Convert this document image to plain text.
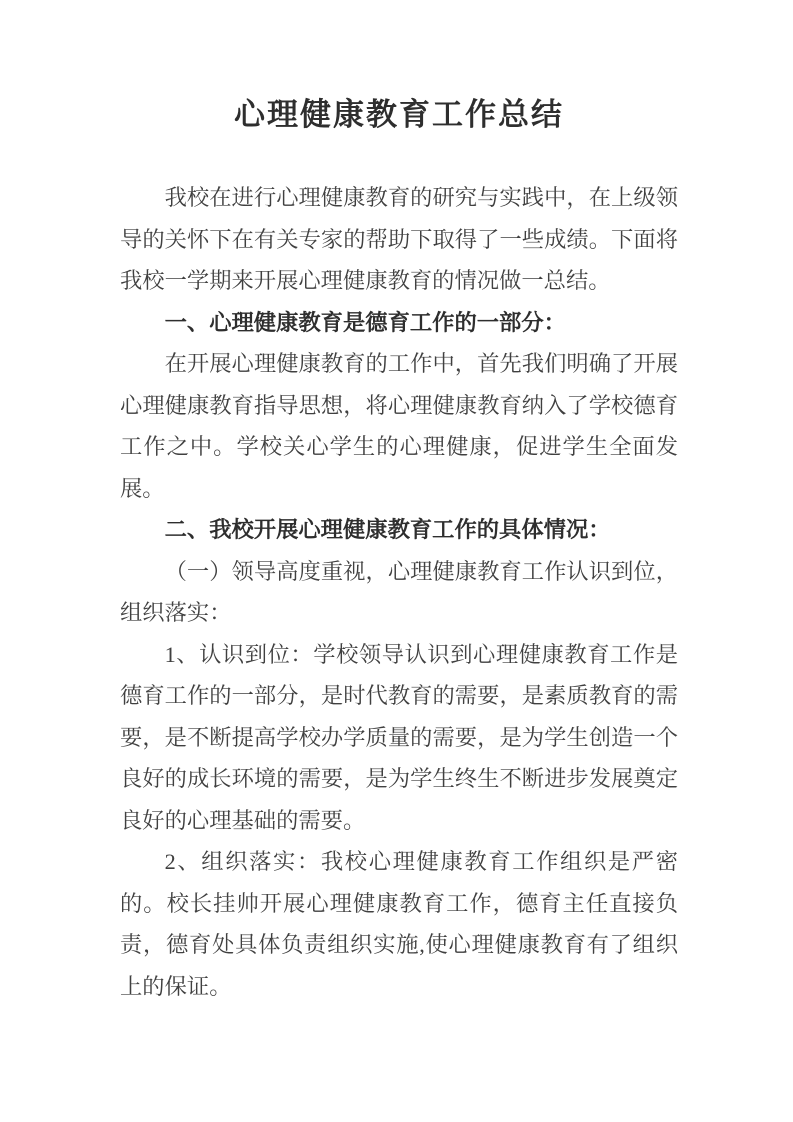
心理健康教育工作总结

我校在进行心理健康教育的研究与实践中，在上级领导的关怀下在有关专家的帮助下取得了一些成绩。下面将我校一学期来开展心理健康教育的情况做一总结。

一、心理健康教育是德育工作的一部分：

在开展心理健康教育的工作中，首先我们明确了开展心理健康教育指导思想，将心理健康教育纳入了学校德育工作之中。学校关心学生的心理健康，促进学生全面发展。

二、我校开展心理健康教育工作的具体情况：

（一）领导高度重视，心理健康教育工作认识到位，组织落实：

1、认识到位：学校领导认识到心理健康教育工作是德育工作的一部分，是时代教育的需要，是素质教育的需要，是不断提高学校办学质量的需要，是为学生创造一个良好的成长环境的需要，是为学生终生不断进步发展奠定良好的心理基础的需要。

2、组织落实：我校心理健康教育工作组织是严密的。校长挂帅开展心理健康教育工作，德育主任直接负责，德育处具体负责组织实施,使心理健康教育有了组织上的保证。
